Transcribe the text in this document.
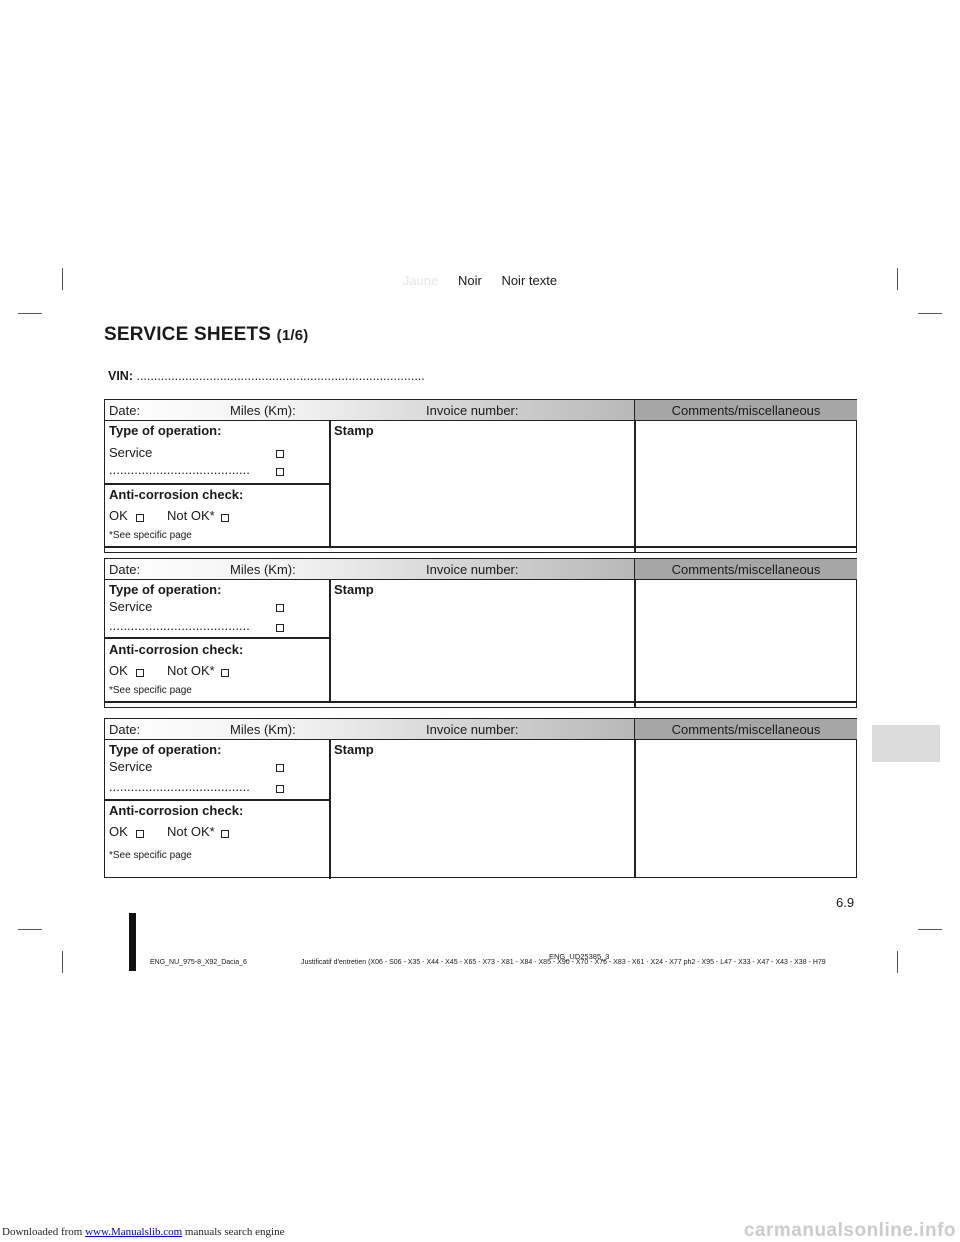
Jaune Noir Noir texte
SERVICE SHEETS (1/6)
VIN: ...................................................................................
Date:	Miles (Km):	Invoice number:	Comments/miscellaneous
Type of operation:
Service
.......................................
Anti-corrosion check:
OK	Not OK*
*See specific page
Stamp
Date:	Miles (Km):	Invoice number:	Comments/miscellaneous
Type of operation:
Service
.......................................
Anti-corrosion check:
OK	Not OK*
*See specific page
Stamp
Date:	Miles (Km):	Invoice number:	Comments/miscellaneous
Type of operation:
Service
.......................................
Anti-corrosion check:
OK	Not OK*
*See specific page
Stamp
6.9
ENG_UD25385_3
ENG_NU_975-8_X92_Dacia_6	Justificatif d'entretien (X06 - S06 - X35 - X44 - X45 - X65 - X73 - X81 - X84 - X85 - X90 - X70 - X76 - X83 - X61 - X24 - X77 ph2 - X95 - L47 - X33 - X47 - X43 - X38 - H79
Downloaded from www.Manualslib.com manuals search engine	carmanualsonline.info
